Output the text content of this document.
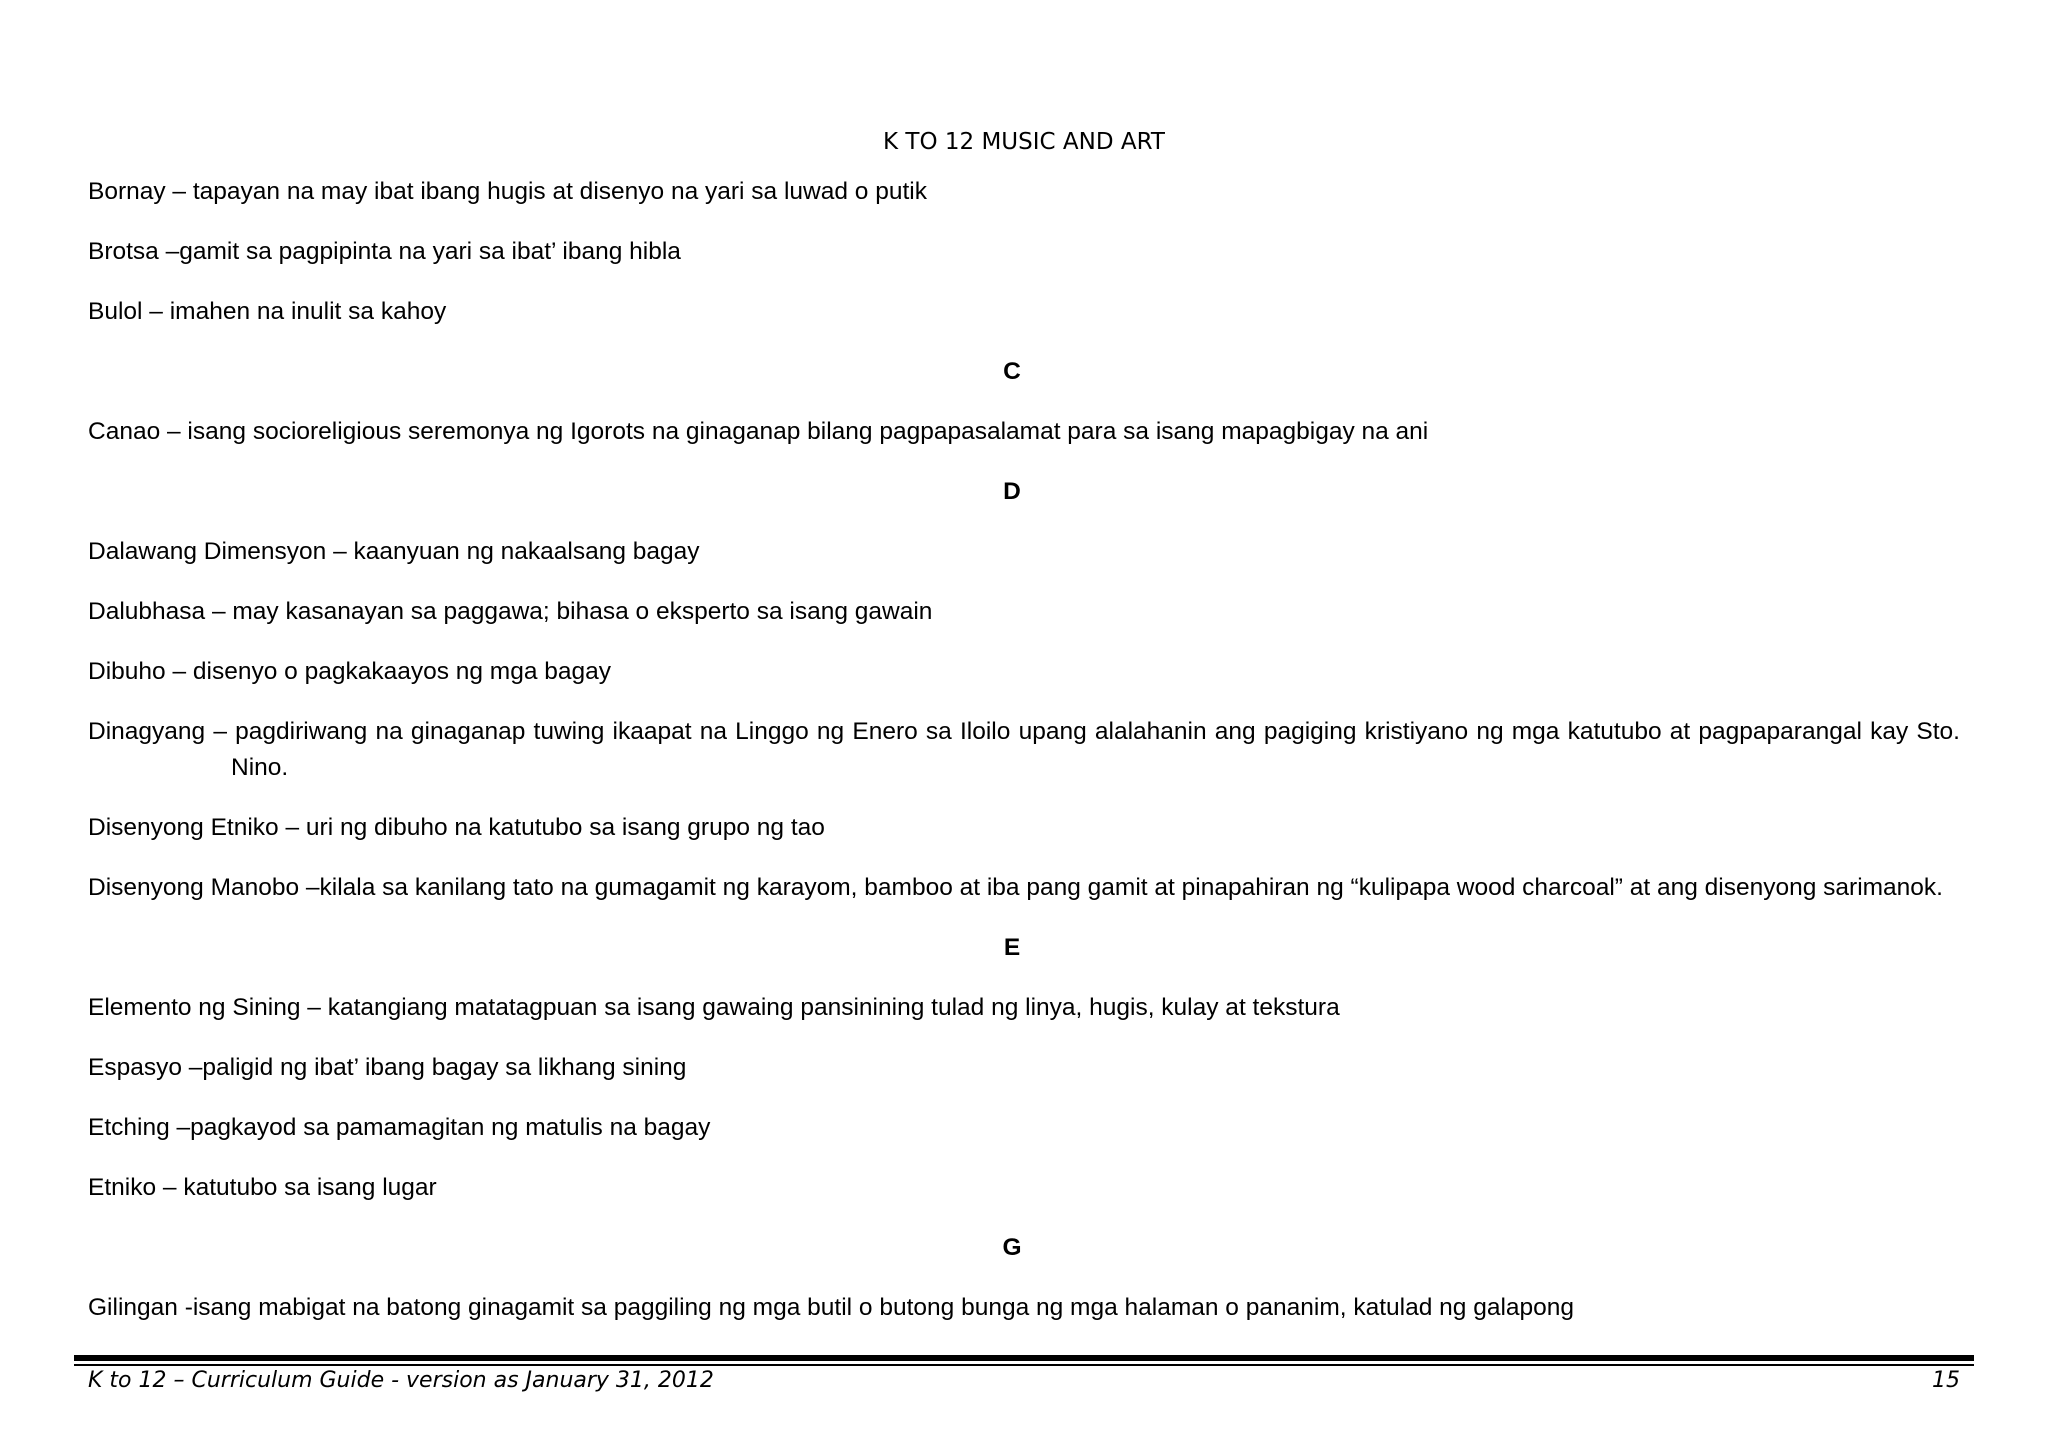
K TO 12 MUSIC AND ART
Bornay – tapayan na may ibat ibang hugis at disenyo na yari sa luwad o putik
Brotsa –gamit sa pagpipinta na yari sa ibat’ ibang hibla
Bulol – imahen na inulit sa kahoy
C
Canao – isang socioreligious seremonya ng Igorots na ginaganap bilang pagpapasalamat para sa isang mapagbigay na ani
D
Dalawang Dimensyon – kaanyuan ng nakaalsang bagay
Dalubhasa – may kasanayan sa paggawa; bihasa o eksperto sa isang gawain
Dibuho – disenyo o pagkakaayos ng mga bagay
Dinagyang – pagdiriwang na ginaganap tuwing ikaapat na Linggo ng Enero sa Iloilo upang alalahanin ang pagiging kristiyano ng mga katutubo at pagpaparangal kay Sto. Nino.
Disenyong Etniko – uri ng dibuho na katutubo sa isang grupo ng tao
Disenyong Manobo –kilala sa kanilang tato na gumagamit ng karayom, bamboo at iba pang gamit at pinapahiran ng “kulipapa wood charcoal” at ang disenyong sarimanok.
E
Elemento ng Sining – katangiang matatagpuan sa isang gawaing pansinining tulad ng linya, hugis, kulay at tekstura
Espasyo –paligid ng ibat’ ibang bagay sa likhang sining
Etching –pagkayod sa pamamagitan ng matulis na bagay
Etniko – katutubo sa isang lugar
G
Gilingan -isang mabigat na batong ginagamit sa paggiling ng mga butil o butong bunga ng mga halaman o pananim, katulad ng galapong
K to 12 – Curriculum Guide - version as January 31, 2012	15
